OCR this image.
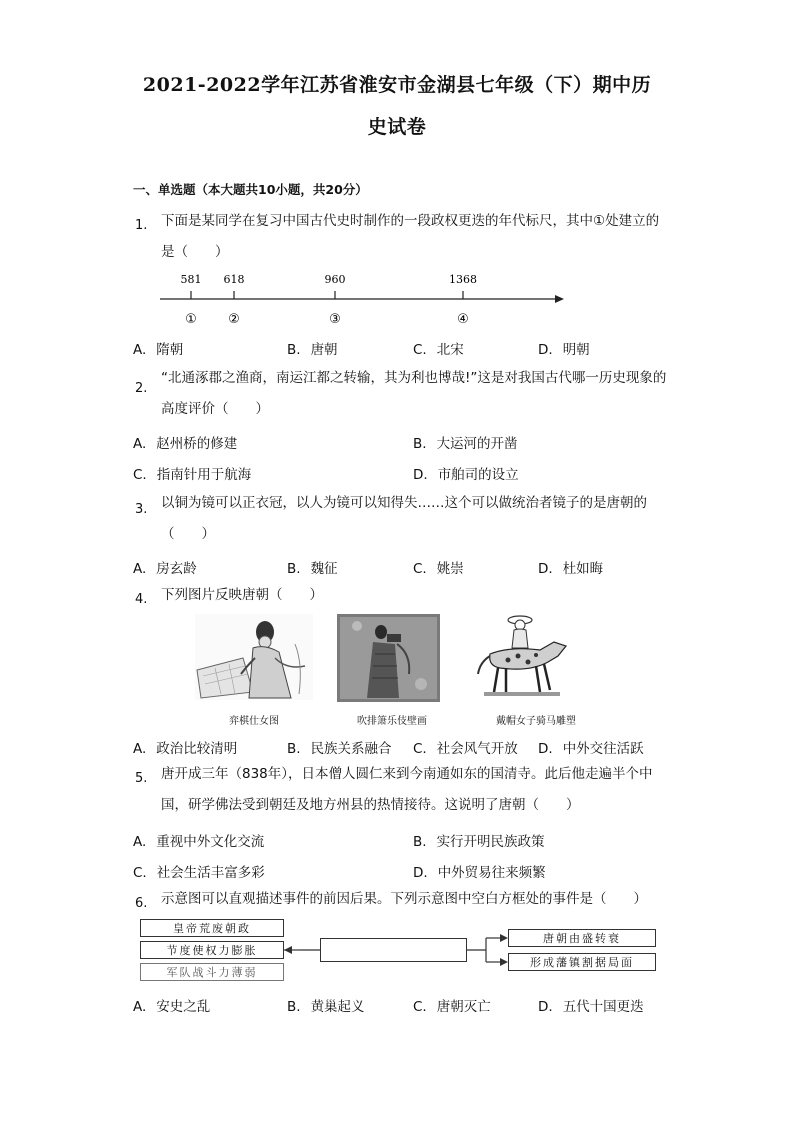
2021-2022学年江苏省淮安市金湖县七年级（下）期中历
史试卷
一、单选题（本大题共10小题，共20分）
1. 下面是某同学在复习中国古代史时制作的一段政权更迭的年代标尺，其中①处建立的是（　　）
581
①
618
②
960
③
1368
④
A. 隋朝	B. 唐朝	C. 北宋	D. 明朝
2.
“北通涿郡之渔商，南运江都之转输，其为利也博哉!”这是对我国古代哪一历史现象的高度评价（　　）
A. 赵州桥的修建	B. 大运河的开凿
C. 指南针用于航海	D. 市舶司的设立
3. 以铜为镜可以正衣冠，以人为镜可以知得失……这个可以做统治者镜子的是唐朝的（　　）
A. 房玄龄	B. 魏征	C. 姚崇	D. 杜如晦
4. 下列图片反映唐朝（　　）
弈棋仕女图	吹排箫乐伎壁画	戴帽女子骑马雕塑
A. 政治比较清明	B. 民族关系融合 C. 社会风气开放 D. 中外交往活跃
5. 唐开成三年（838年），日本僧人圆仁来到今南通如东的国清寺。此后他走遍半个中国，研学佛法受到朝廷及地方州县的热情接待。这说明了唐朝（　　）
A. 重视中外文化交流	B. 实行开明民族政策
C. 社会生活丰富多彩	D. 中外贸易往来频繁
6. 示意图可以直观描述事件的前因后果。下列示意图中空白方框处的事件是（　　）
皇帝荒废朝政
节度使权力膨胀
军队战斗力薄弱
唐朝由盛转衰
形成藩镇割据局面
A. 安史之乱	B. 黄巢起义	C. 唐朝灭亡	D. 五代十国更迭
